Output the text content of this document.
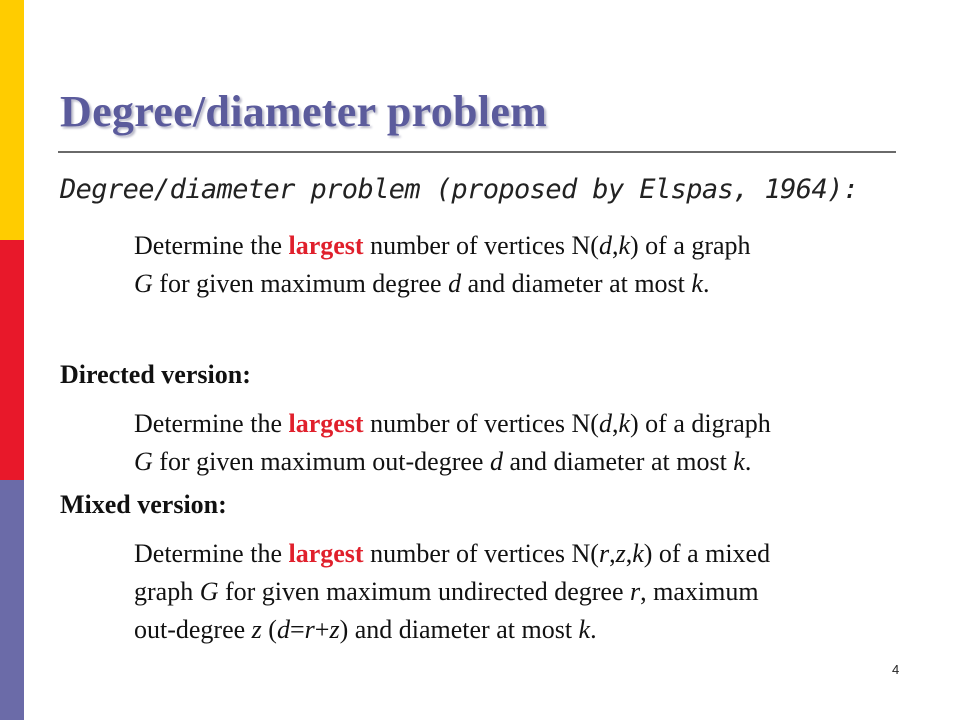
Degree/diameter problem
Degree/diameter problem (proposed by Elspas, 1964):
Determine the largest number of vertices N(d,k) of a graph
G for given maximum degree d and diameter at most k.
Directed version:
Determine the largest number of vertices N(d,k) of a digraph
G for given maximum out-degree d and diameter at most k.
Mixed version:
Determine the largest number of vertices N(r,z,k) of a mixed
graph G for given maximum undirected degree r, maximum
out-degree z (d=r+z) and diameter at most k.
4
